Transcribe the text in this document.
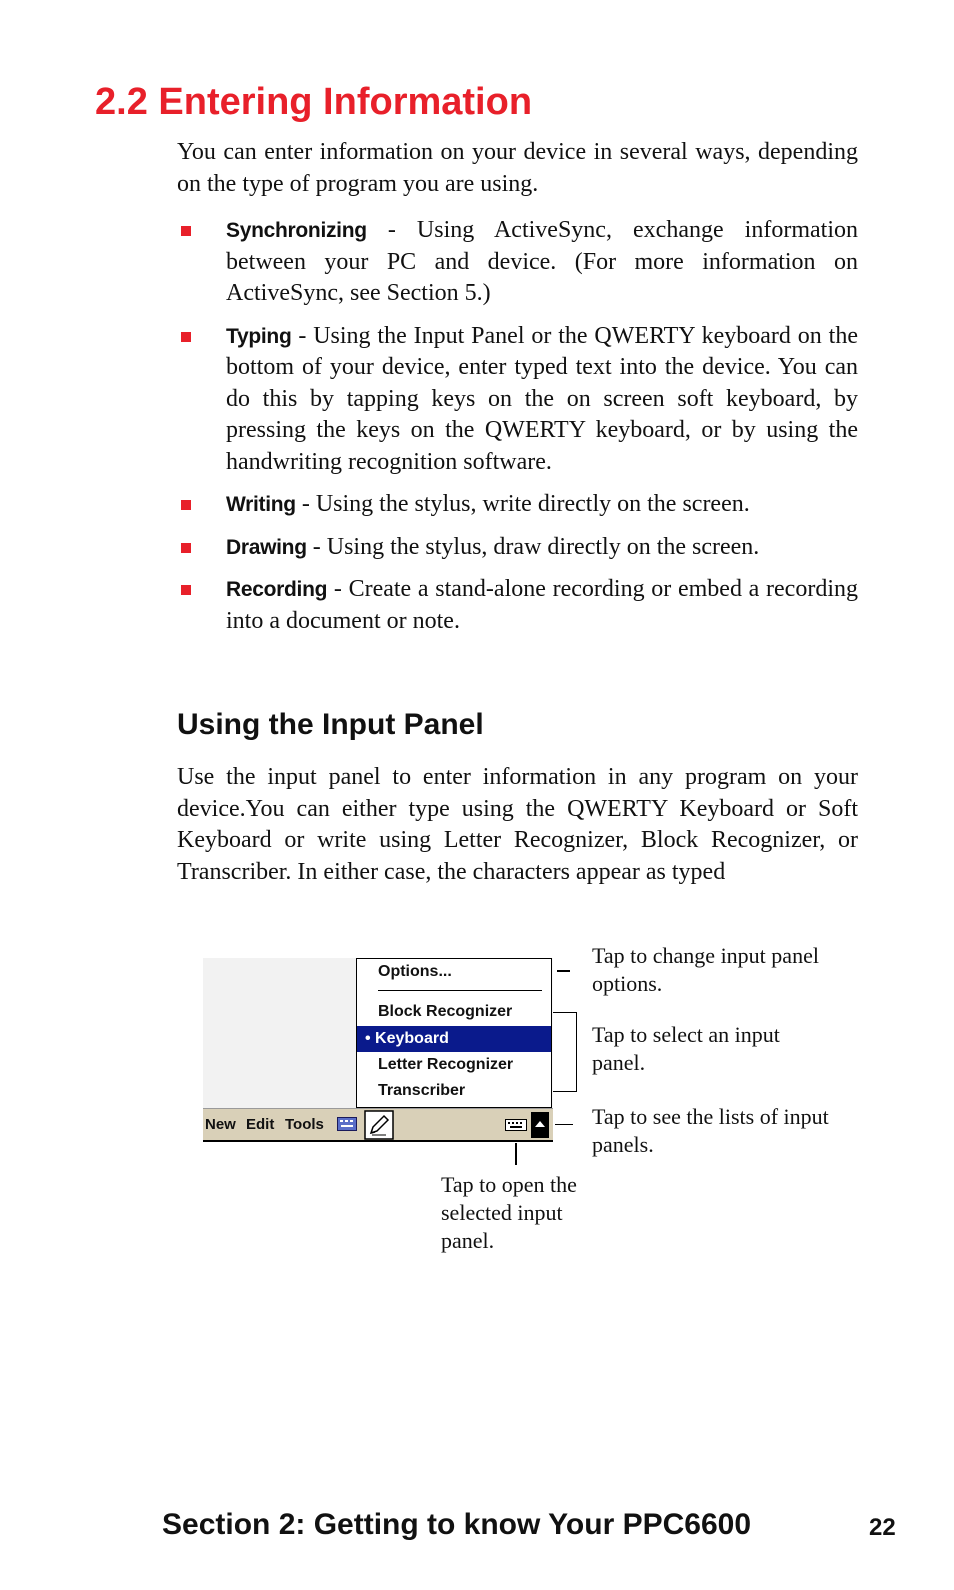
2.2 Entering Information

You can enter information on your device in several ways, depending on the type of program you are using.

Synchronizing - Using ActiveSync, exchange information between your PC and device. (For more information on ActiveSync, see Section 5.)
Typing - Using the Input Panel or the QWERTY keyboard on the bottom of your device, enter typed text into the device. You can do this by tapping keys on the on screen soft keyboard, by pressing the keys on the QWERTY keyboard, or by using the handwriting recognition software.
Writing - Using the stylus, write directly on the screen.
Drawing - Using the stylus, draw directly on the screen.
Recording - Create a stand-alone recording or embed a recording into a document or note.
Using the Input Panel

Use the input panel to enter information in any program on your device.You can either type using the QWERTY Keyboard or Soft Keyboard or write using Letter Recognizer, Block Recognizer, or Transcriber. In either case, the characters appear as typed

Options...
Block Recognizer
• Keyboard
Letter Recognizer
Transcriber
New Edit Tools

Tap to change input panel options.

Tap to select an input panel.

Tap to see the lists of input panels.

Tap to open the selected input panel.

Section 2: Getting to know Your PPC6600	22
